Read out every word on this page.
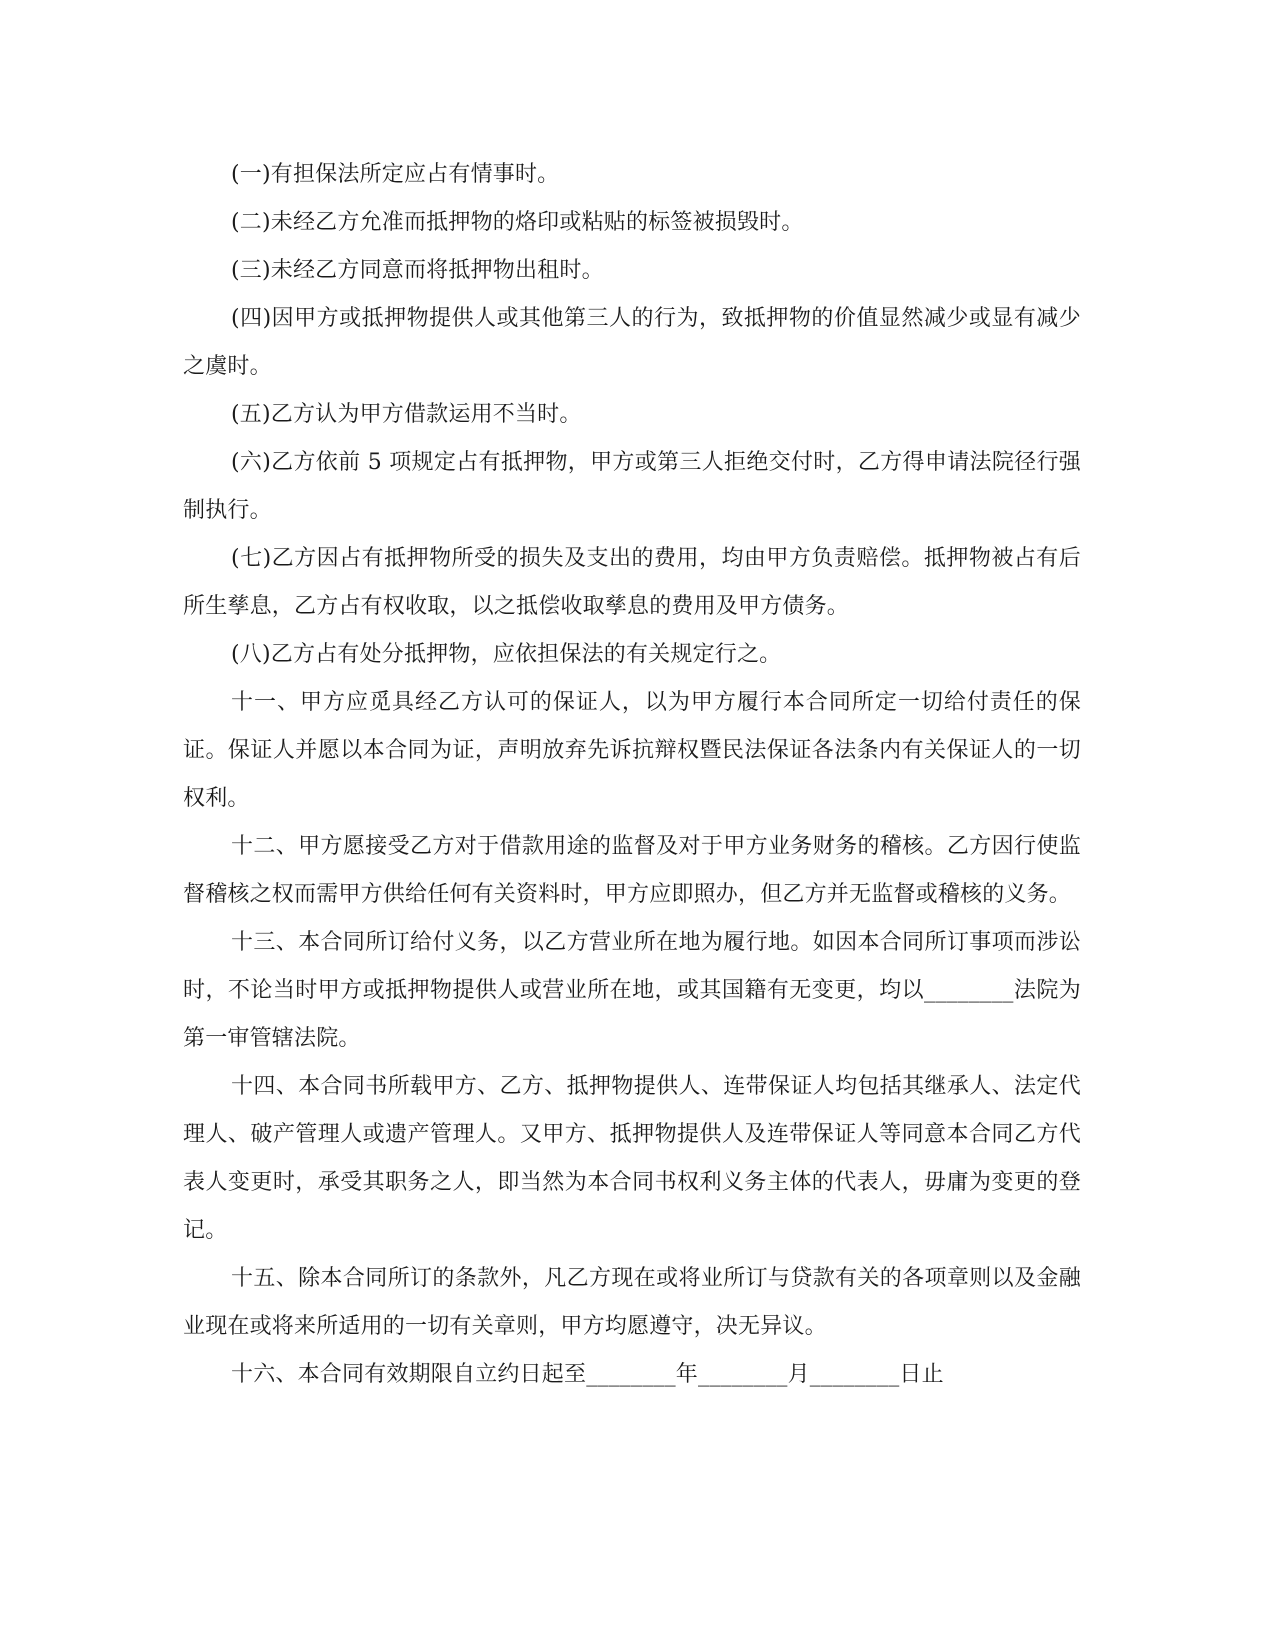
(一)有担保法所定应占有情事时。

(二)未经乙方允准而抵押物的烙印或粘贴的标签被损毁时。

(三)未经乙方同意而将抵押物出租时。

(四)因甲方或抵押物提供人或其他第三人的行为，致抵押物的价值显然减少或显有减少之虞时。

(五)乙方认为甲方借款运用不当时。

(六)乙方依前 5 项规定占有抵押物，甲方或第三人拒绝交付时，乙方得申请法院径行强制执行。

(七)乙方因占有抵押物所受的损失及支出的费用，均由甲方负责赔偿。抵押物被占有后所生孳息，乙方占有权收取，以之抵偿收取孳息的费用及甲方债务。

(八)乙方占有处分抵押物，应依担保法的有关规定行之。

十一、甲方应觅具经乙方认可的保证人，以为甲方履行本合同所定一切给付责任的保证。保证人并愿以本合同为证，声明放弃先诉抗辩权暨民法保证各法条内有关保证人的一切权利。

十二、甲方愿接受乙方对于借款用途的监督及对于甲方业务财务的稽核。乙方因行使监督稽核之权而需甲方供给任何有关资料时，甲方应即照办，但乙方并无监督或稽核的义务。

十三、本合同所订给付义务，以乙方营业所在地为履行地。如因本合同所订事项而涉讼时，不论当时甲方或抵押物提供人或营业所在地，或其国籍有无变更，均以________法院为第一审管辖法院。

十四、本合同书所载甲方、乙方、抵押物提供人、连带保证人均包括其继承人、法定代理人、破产管理人或遗产管理人。又甲方、抵押物提供人及连带保证人等同意本合同乙方代表人变更时，承受其职务之人，即当然为本合同书权利义务主体的代表人，毋庸为变更的登记。

十五、除本合同所订的条款外，凡乙方现在或将业所订与贷款有关的各项章则以及金融业现在或将来所适用的一切有关章则，甲方均愿遵守，决无异议。

十六、本合同有效期限自立约日起至________年________月________日止
